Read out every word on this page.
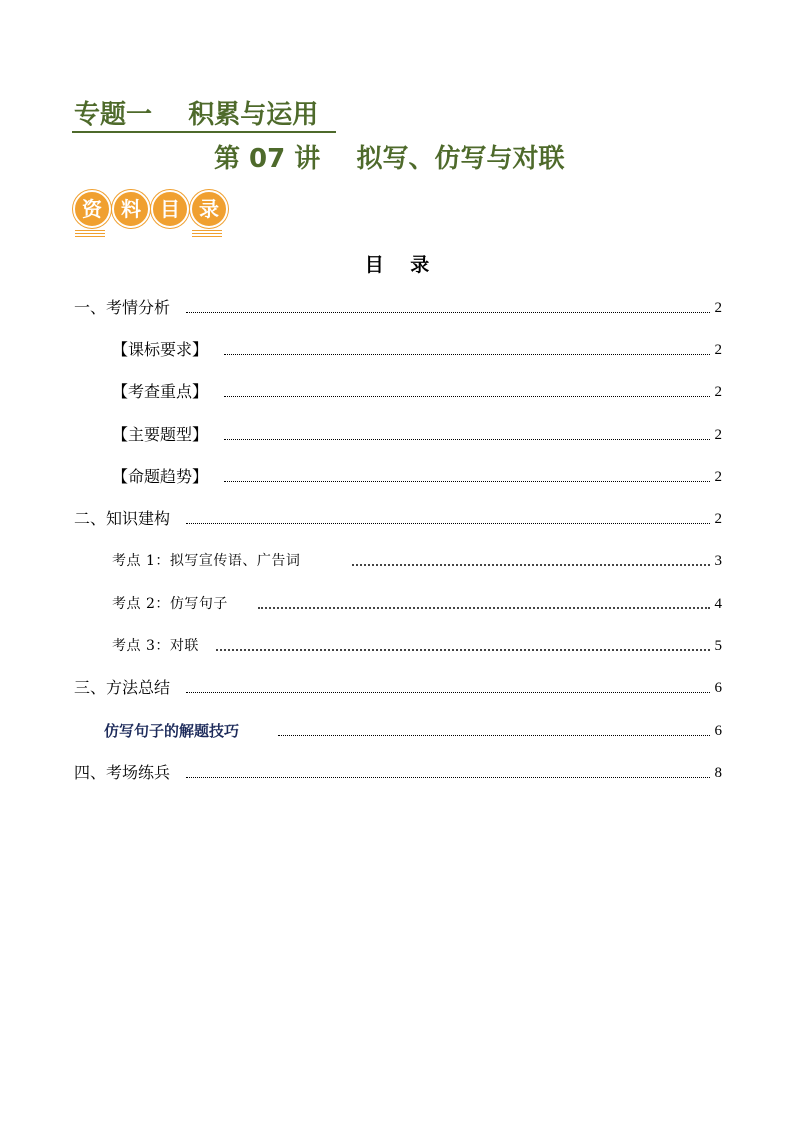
专题一    积累与运用
第 07 讲    拟写、仿写与对联
资 料 目 录
目    录
一、考情分析	2
【课标要求】	2
【考查重点】	2
【主要题型】	2
【命题趋势】	2
二、知识建构	2
考点 1：拟写宣传语、广告词	3
考点 2：仿写句子	4
考点 3：对联	5
三、方法总结	6
仿写句子的解题技巧	6
四、考场练兵	8
